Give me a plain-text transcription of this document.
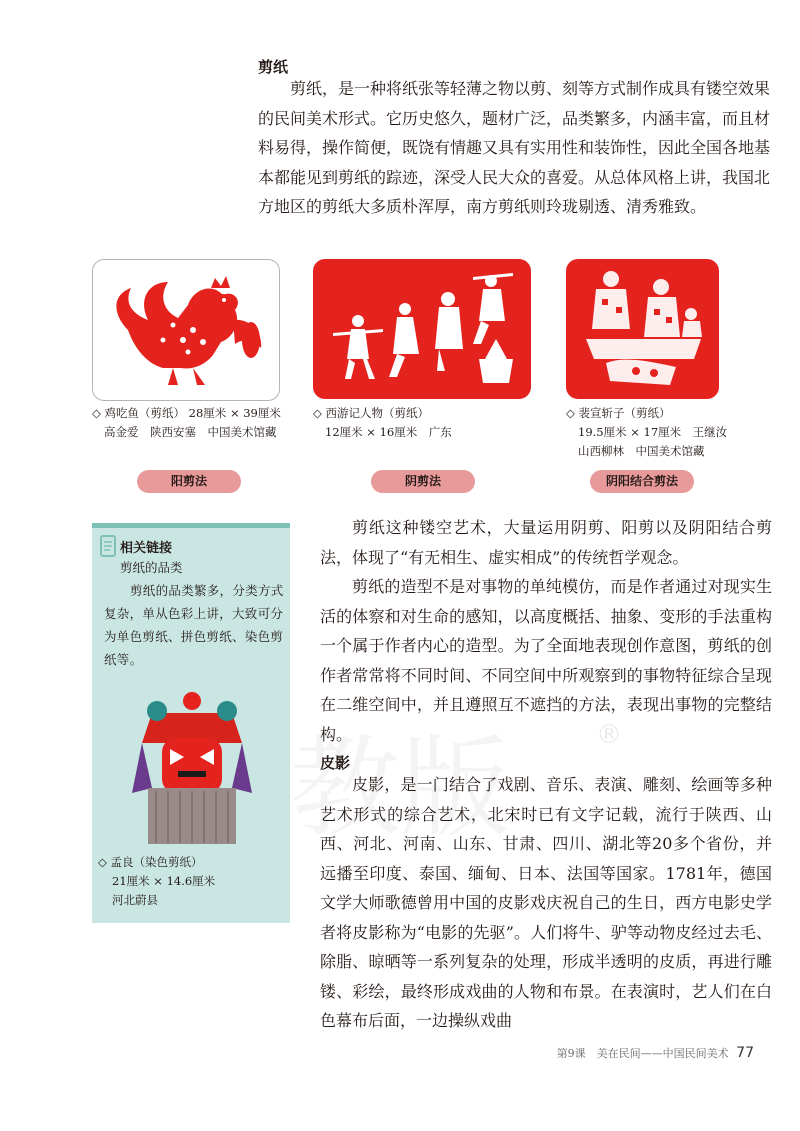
®
剪纸

剪纸，是一种将纸张等轻薄之物以剪、刻等方式制作成具有镂空效果的民间美术形式。它历史悠久，题材广泛，品类繁多，内涵丰富，而且材料易得，操作简便，既饶有情趣又具有实用性和装饰性，因此全国各地基本都能见到剪纸的踪迹，深受人民大众的喜爱。从总体风格上讲，我国北方地区的剪纸大多质朴浑厚，南方剪纸则玲珑剔透、清秀雅致。

◇ 鸡吃鱼（剪纸） 28厘米 × 39厘米
高金爱　陕西安塞　中国美术馆藏
◇ 西游记人物（剪纸）
12厘米 × 16厘米　广东
◇ 裴宣斩子（剪纸）
19.5厘米 × 17厘米　王继汝
山西柳林　中国美术馆藏
阳剪法	阴剪法	阴阳结合剪法
相关链接
剪纸的品类

剪纸的品类繁多，分类方式复杂，单从色彩上讲，大致可分为单色剪纸、拼色剪纸、染色剪纸等。

◇ 孟良（染色剪纸）
21厘米 × 14.6厘米
河北蔚县

剪纸这种镂空艺术，大量运用阴剪、阳剪以及阴阳结合剪法，体现了“有无相生、虚实相成”的传统哲学观念。

剪纸的造型不是对事物的单纯模仿，而是作者通过对现实生活的体察和对生命的感知，以高度概括、抽象、变形的手法重构一个属于作者内心的造型。为了全面地表现创作意图，剪纸的创作者常常将不同时间、不同空间中所观察到的事物特征综合呈现在二维空间中，并且遵照互不遮挡的方法，表现出事物的完整结构。

皮影

皮影，是一门结合了戏剧、音乐、表演、雕刻、绘画等多种艺术形式的综合艺术，北宋时已有文字记载，流行于陕西、山西、河北、河南、山东、甘肃、四川、湖北等20多个省份，并远播至印度、泰国、缅甸、日本、法国等国家。1781年，德国文学大师歌德曾用中国的皮影戏庆祝自己的生日，西方电影史学者将皮影称为“电影的先驱”。人们将牛、驴等动物皮经过去毛、除脂、晾晒等一系列复杂的处理，形成半透明的皮质，再进行雕镂、彩绘，最终形成戏曲的人物和布景。在表演时，艺人们在白色幕布后面，一边操纵戏曲

第9课　美在民间——中国民间美术 77
